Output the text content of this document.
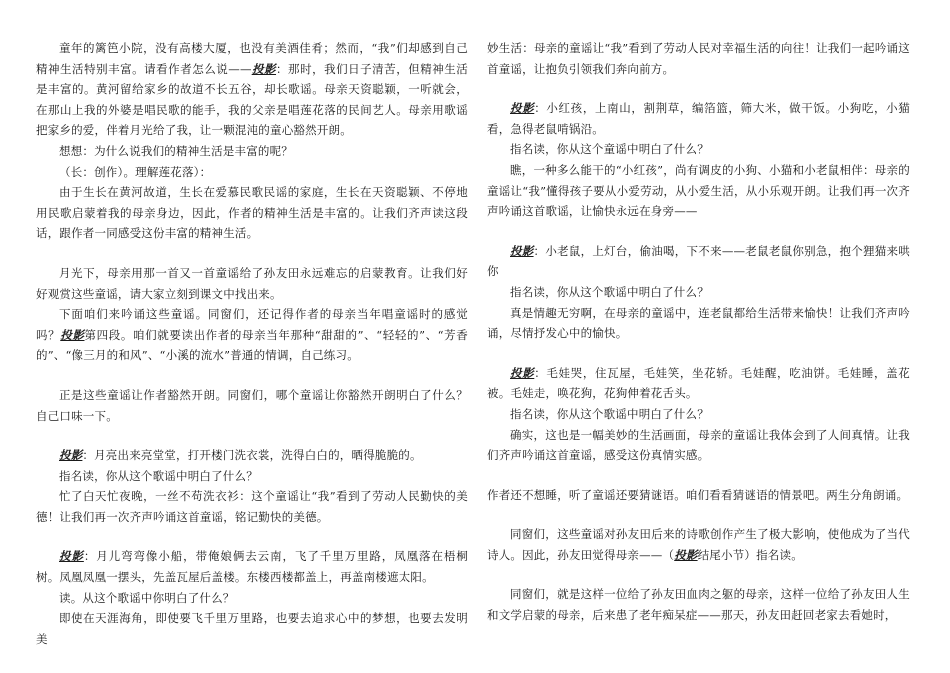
童年的篱笆小院，没有高楼大厦，也没有美酒佳肴；然而，“我”们却感到自己精神生活特别丰富。请看作者怎么说——投影：那时，我们日子清苦，但精神生活是丰富的。黄河留给家乡的故道不长五谷，却长歌谣。母亲天资聪颖，一听就会，在那山上我的外婆是唱民歌的能手，我的父亲是唱莲花落的民间艺人。母亲用歌谣把家乡的爱，伴着月光给了我，让一颗混沌的童心豁然开朗。

想想：为什么说我们的精神生活是丰富的呢？

（长：创作）。理解莲花落）：

由于生长在黄河故道，生长在爱慕民歌民谣的家庭，生长在天资聪颖、不停地用民歌启蒙着我的母亲身边，因此，作者的精神生活是丰富的。让我们齐声读这段话，跟作者一同感受这份丰富的精神生活。

月光下，母亲用那一首又一首童谣给了孙友田永远难忘的启蒙教育。让我们好好观赏这些童谣，请大家立刻到课文中找出来。

下面咱们来吟诵这些童谣。同窗们，还记得作者的母亲当年唱童谣时的感觉吗？投影第四段。咱们就要读出作者的母亲当年那种“甜甜的”、“轻轻的”、“芳香的”、“像三月的和风”、“小溪的流水”普通的情调，自己练习。

正是这些童谣让作者豁然开朗。同窗们，哪个童谣让你豁然开朗明白了什么？自己口味一下。

投影：月亮出来亮堂堂，打开楼门洗衣裳，洗得白白的，晒得脆脆的。

指名读，你从这个歌谣中明白了什么？

忙了白天忙夜晚，一丝不苟洗衣衫：这个童谣让“我”看到了劳动人民勤快的美德！让我们再一次齐声吟诵这首童谣，铭记勤快的美德。

投影：月儿弯弯像小船，带俺娘俩去云南，飞了千里万里路，凤凰落在梧桐树。凤凰凤凰一摆头，先盖瓦屋后盖楼。东楼西楼都盖上，再盖南楼遮太阳。

读。从这个歌谣中你明白了什么？

即使在天涯海角，即使要飞千里万里路，也要去追求心中的梦想，也要去发明美

妙生活：母亲的童谣让“我”看到了劳动人民对幸福生活的向往！让我们一起吟诵这首童谣，让抱负引领我们奔向前方。

投影：小红孩，上南山，割荆草，编箔篮，筛大米，做干饭。小狗吃，小猫看，急得老鼠啃锅沿。

指名读，你从这个童谣中明白了什么？

瞧，一种多么能干的“小红孩”，尚有调皮的小狗、小猫和小老鼠相伴：母亲的童谣让“我”懂得孩子要从小爱劳动，从小爱生活，从小乐观开朗。让我们再一次齐声吟诵这首歌谣，让愉快永远在身旁——

投影：小老鼠，上灯台，偷油喝，下不来——老鼠老鼠你别急，抱个狸猫来哄你

指名读，你从这个歌谣中明白了什么？

真是情趣无穷啊，在母亲的童谣中，连老鼠都给生活带来愉快！让我们齐声吟诵，尽情抒发心中的愉快。

投影：毛娃哭，住瓦屋，毛娃笑，坐花轿。毛娃醒，吃油饼。毛娃睡，盖花被。毛娃走，唤花狗，花狗伸着花舌头。

指名读，你从这个歌谣中明白了什么？

确实，这也是一幅美妙的生活画面，母亲的童谣让我体会到了人间真情。让我们齐声吟诵这首童谣，感受这份真情实感。

作者还不想睡，听了童谣还要猜谜语。咱们看看猜谜语的情景吧。两生分角朗诵。

同窗们，这些童谣对孙友田后来的诗歌创作产生了极大影响，使他成为了当代诗人。因此，孙友田觉得母亲——（投影结尾小节）指名读。

同窗们，就是这样一位给了孙友田血肉之躯的母亲，这样一位给了孙友田人生和文学启蒙的母亲，后来患了老年痴呆症——那天，孙友田赶回老家去看她时，
